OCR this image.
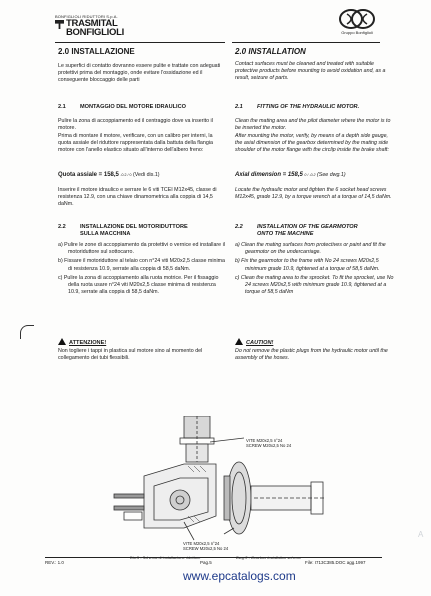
BONFIGLIOLI RIDUTTORI S.p.A.
TRASMITAL
BONFIGLIOLI	Gruppo Bonfiglioli
2.0 INSTALLAZIONE
Le superfici di contatto dovranno essere pulite e trattate con adeguati protettivi prima del montaggio, onde evitare l'ossidazione ed il conseguente bloccaggio delle parti
2.1	MONTAGGIO DEL MOTORE IDRAULICO
Pulire la zona di accoppiamento ed il centraggio dove va inserito il motore.
Prima di montare il motore, verificare, con un calibro per interni, la quota assiale del riduttore rappresentata dalla battuta della flangia motore con l'anello elastico situato all'interno dell'albero freno:
Quota assiale = 158,5 -0.2 / 0 (Vedi dis.1)
Inserire il motore idraulico e serrare le 6 viti TCEI M12x45, classe di resistenza 12.9, con una chiave dinamometrica alla coppia di 14,5 daNm.
2.2	INSTALLAZIONE DEL MOTORIDUTTORE
SULLA MACCHINA
a) Pulire le zone di accoppiamento da protettivi o vernice ed installare il motoriduttore sul sottocarro.
b) Fissare il motoriduttore al telaio con n°24 viti M20x2,5 classe minima di resistenza 10.9, serrate alla coppia di 58,5 daNm.
c) Pulire la zona di accoppiamento alla ruota motrice. Per il fissaggio della ruota usare n°24 viti M20x2,5 classe minima di resistenza 10.9, serrate alla coppia di 58,5 daNm.
ATTENZIONE!
Non togliere i tappi in plastica sul motore sino al momento del collegamento dei tubi flessibili.
2.0 INSTALLATION
Contact surfaces must be cleaned and treated with suitable protective products before mounting to avoid oxidation and, as a result, seizure of parts.
2.1	FITTING OF THE HYDRAULIC MOTOR.
Clean the mating area and the pilot diameter where the motor is to be inserted the motor.
After mounting the motor, verify, by means of a depth side gauge, the axial dimension of the gearbox determined by the mating side shoulder of the motor flange with the circlip inside the brake shaft:
Axial dimension = 158,5 0 / -0.2 (See dwg.1)
Locate the hydraulic motor and tighten the 6 socket head screws M12x45, grade 12.9, by a torque wrench at a torque of 14,5 daNm.
2.2	INSTALLATION OF THE GEARMOTOR
ONTO THE MACHINE
a) Clean the mating surfaces from protectives or paint and fit the gearmotor on the undercarriage.
b) Fix the gearmotor to the frame with No 24 screws M20x2,5 minimum grade 10.9, tightened at a torque of 58,5 daNm.
c) Clean the mating area to the sprocket. To fit the sprocket, use No 24 screws M20x2,5 with minimum grade 10.9, tightened at a torque of 58,5 daNm
CAUTION!
Do not remove the plastic plugs from the hydraulic motor until the assembly of the hoses.
VITE M20x2,5 n°24
SCREW M20x2,5 No 24
VITE M20x2,5 n°24
SCREW M20x2,5 No 24
Dis.3 - Schema di installazione riduttore	Dwg.3 - Gearbox installation scheme
REV.: 1.0	Pag.5	File: I713C385.DOC agg.1997
www.epcatalogs.com
A
